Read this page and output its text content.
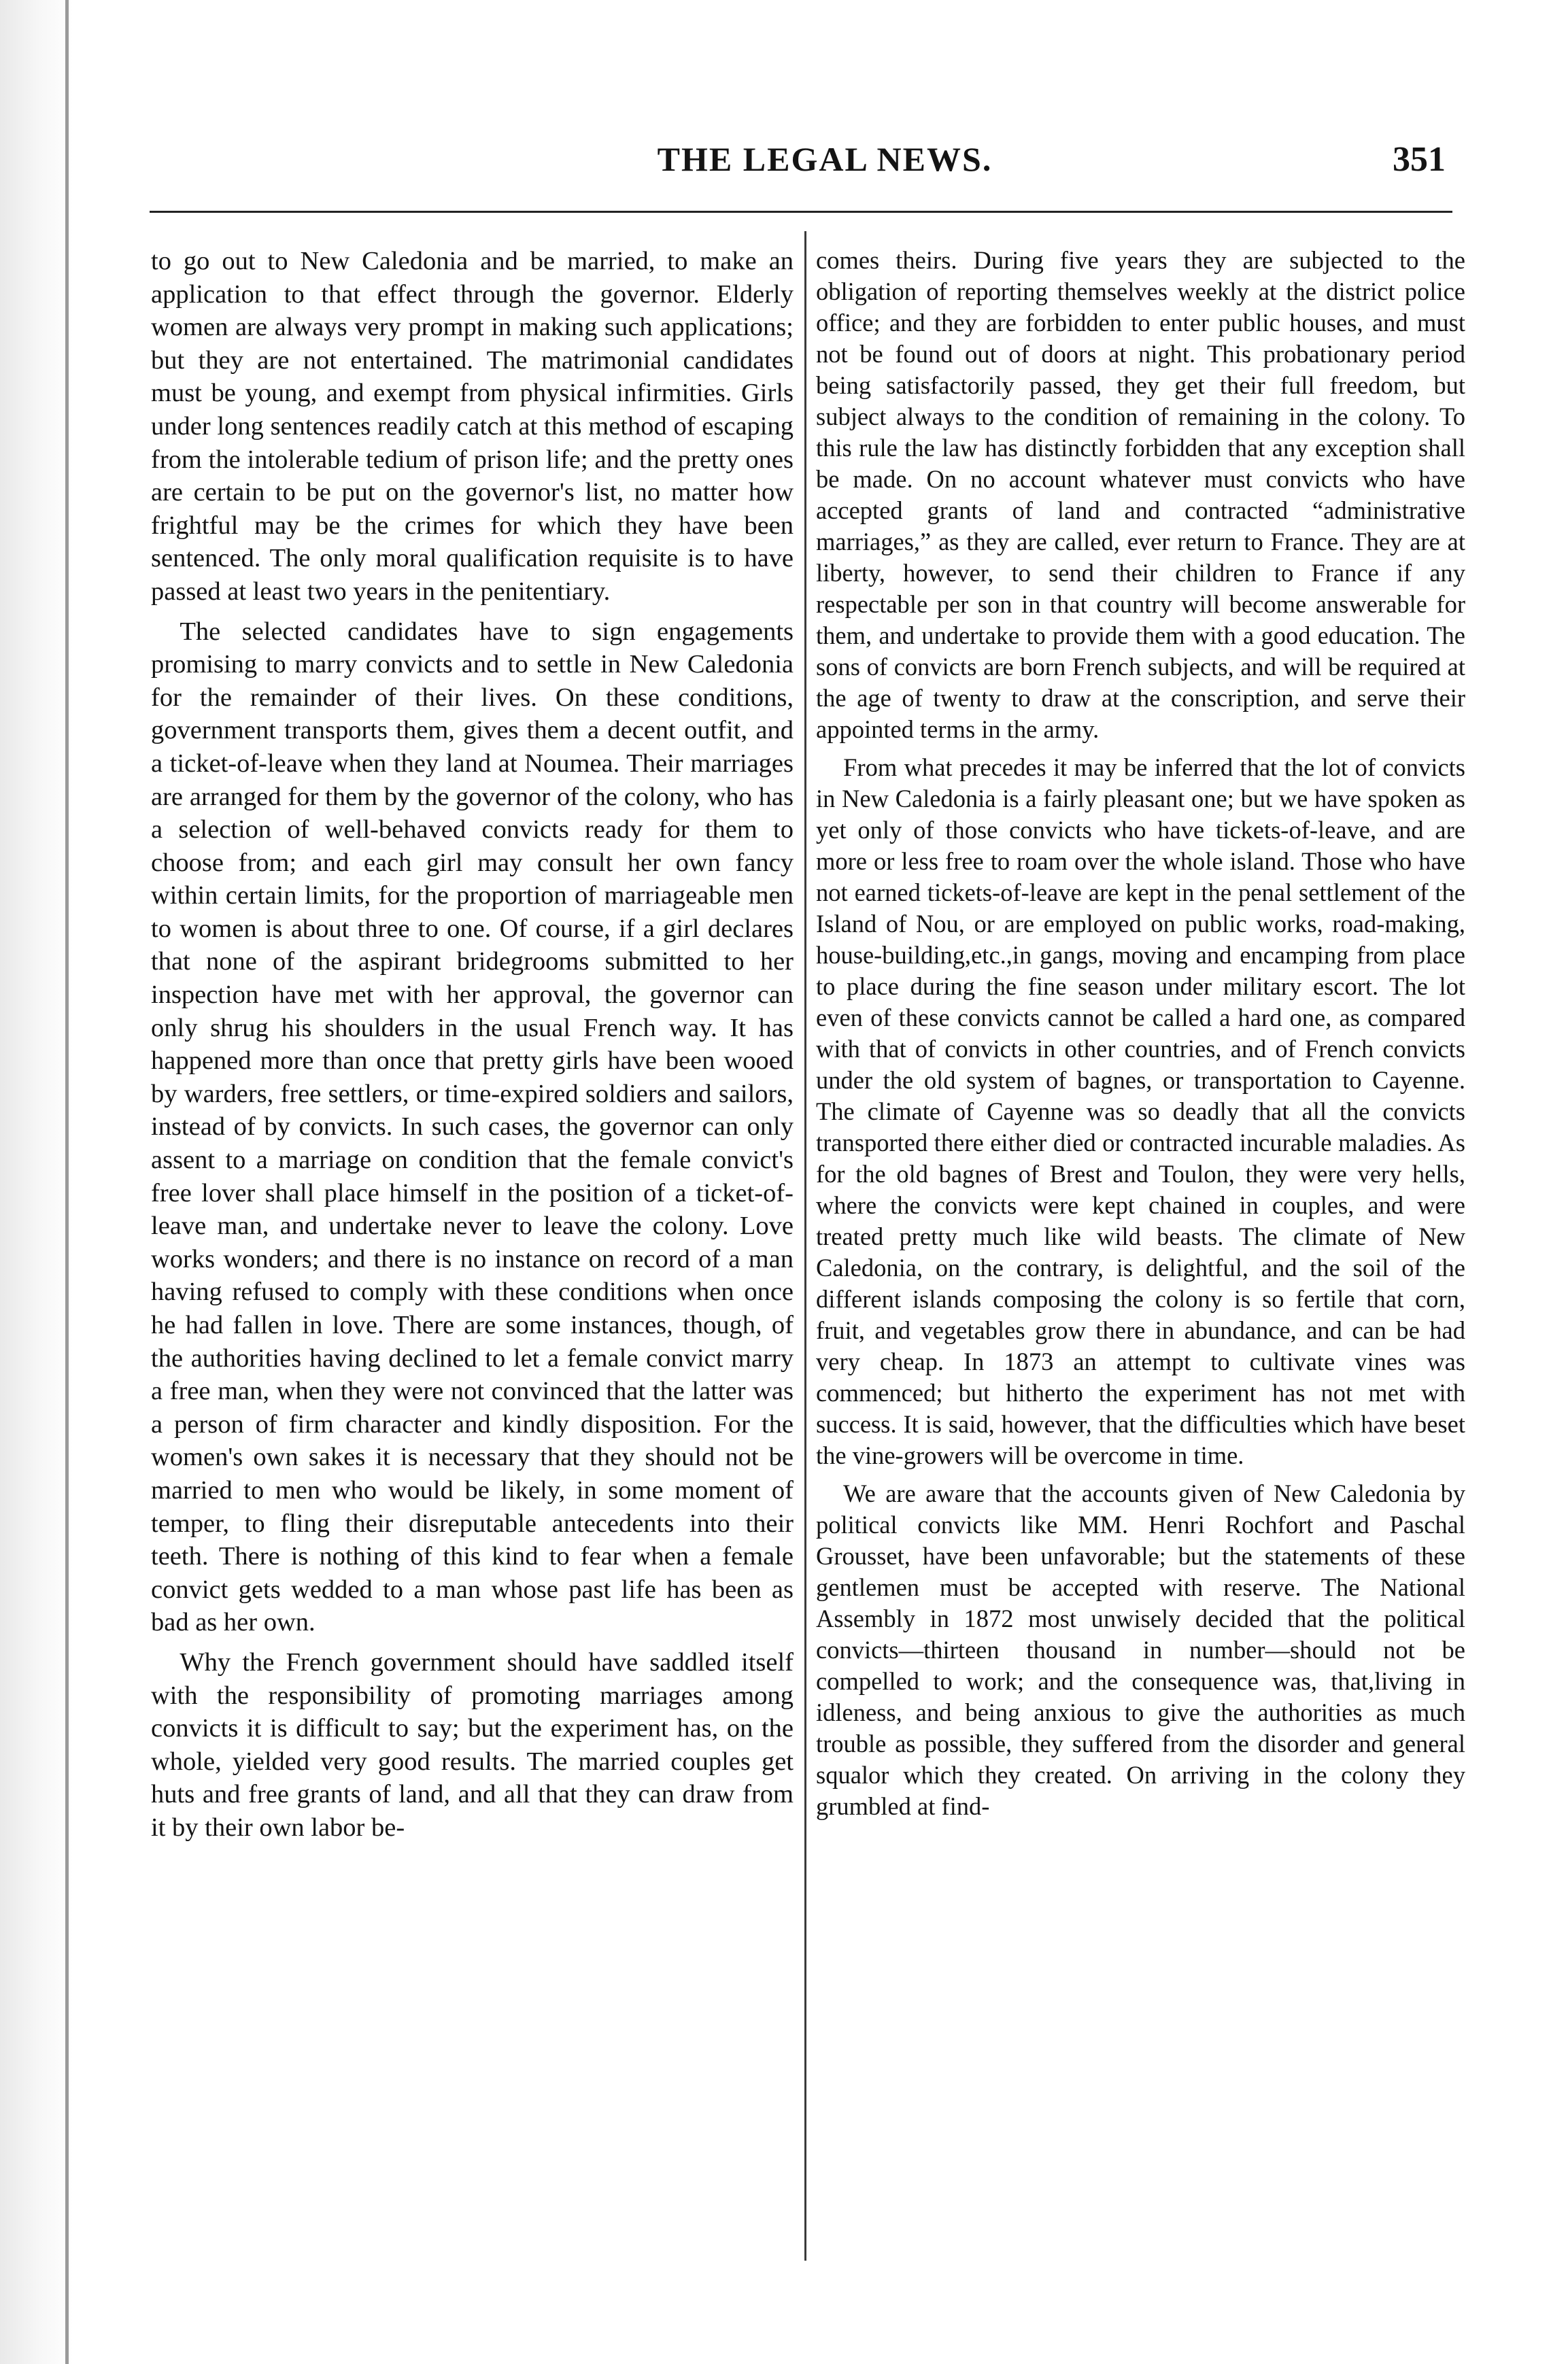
THE LEGAL NEWS.	351

to go out to New Caledonia and be married, to make an application to that effect through the governor. Elderly women are always very prompt in making such applications; but they are not entertained. The matrimonial candidates must be young, and exempt from physical infirmities. Girls under long sentences readily catch at this method of escaping from the intolerable tedium of prison life; and the pretty ones are certain to be put on the governor's list, no matter how frightful may be the crimes for which they have been sentenced. The only moral qualification requisite is to have passed at least two years in the penitentiary.

The selected candidates have to sign engagements promising to marry convicts and to settle in New Caledonia for the remainder of their lives. On these conditions, government transports them, gives them a decent outfit, and a ticket-of-leave when they land at Noumea. Their marriages are arranged for them by the governor of the colony, who has a selection of well-behaved convicts ready for them to choose from; and each girl may consult her own fancy within certain limits, for the proportion of marriageable men to women is about three to one. Of course, if a girl declares that none of the aspirant bridegrooms submitted to her inspection have met with her approval, the governor can only shrug his shoulders in the usual French way. It has happened more than once that pretty girls have been wooed by warders, free settlers, or time-expired soldiers and sailors, instead of by convicts. In such cases, the governor can only assent to a marriage on condition that the female convict's free lover shall place himself in the position of a ticket-of-leave man, and undertake never to leave the colony. Love works wonders; and there is no instance on record of a man having refused to comply with these conditions when once he had fallen in love. There are some instances, though, of the authorities having declined to let a female convict marry a free man, when they were not convinced that the latter was a person of firm character and kindly disposition. For the women's own sakes it is necessary that they should not be married to men who would be likely, in some moment of temper, to fling their disreputable antecedents into their teeth. There is nothing of this kind to fear when a female convict gets wedded to a man whose past life has been as bad as her own.

Why the French government should have saddled itself with the responsibility of promoting marriages among convicts it is difficult to say; but the experiment has, on the whole, yielded very good results. The married couples get huts and free grants of land, and all that they can draw from it by their own labor be-

comes theirs. During five years they are subjected to the obligation of reporting themselves weekly at the district police office; and they are forbidden to enter public houses, and must not be found out of doors at night. This probationary period being satisfactorily passed, they get their full freedom, but subject always to the condition of remaining in the colony. To this rule the law has distinctly forbidden that any exception shall be made. On no account whatever must convicts who have accepted grants of land and contracted “administrative marriages,” as they are called, ever return to France. They are at liberty, however, to send their children to France if any respectable per son in that country will become answerable for them, and undertake to provide them with a good education. The sons of convicts are born French subjects, and will be required at the age of twenty to draw at the conscription, and serve their appointed terms in the army.

From what precedes it may be inferred that the lot of convicts in New Caledonia is a fairly pleasant one; but we have spoken as yet only of those convicts who have tickets-of-leave, and are more or less free to roam over the whole island. Those who have not earned tickets-of-leave are kept in the penal settlement of the Island of Nou, or are employed on public works, road-making, house-building,etc.,in gangs, moving and encamping from place to place during the fine season under military escort. The lot even of these convicts cannot be called a hard one, as compared with that of convicts in other countries, and of French convicts under the old system of bagnes, or transportation to Cayenne. The climate of Cayenne was so deadly that all the convicts transported there either died or contracted incurable maladies. As for the old bagnes of Brest and Toulon, they were very hells, where the convicts were kept chained in couples, and were treated pretty much like wild beasts. The climate of New Caledonia, on the contrary, is delightful, and the soil of the different islands composing the colony is so fertile that corn, fruit, and vegetables grow there in abundance, and can be had very cheap. In 1873 an attempt to cultivate vines was commenced; but hitherto the experiment has not met with success. It is said, however, that the difficulties which have beset the vine-growers will be overcome in time.

We are aware that the accounts given of New Caledonia by political convicts like MM. Henri Rochfort and Paschal Grousset, have been unfavorable; but the statements of these gentlemen must be accepted with reserve. The National Assembly in 1872 most unwisely decided that the political convicts—thirteen thousand in number—should not be compelled to work; and the consequence was, that,living in idleness, and being anxious to give the authorities as much trouble as possible, they suffered from the disorder and general squalor which they created. On arriving in the colony they grumbled at find-
